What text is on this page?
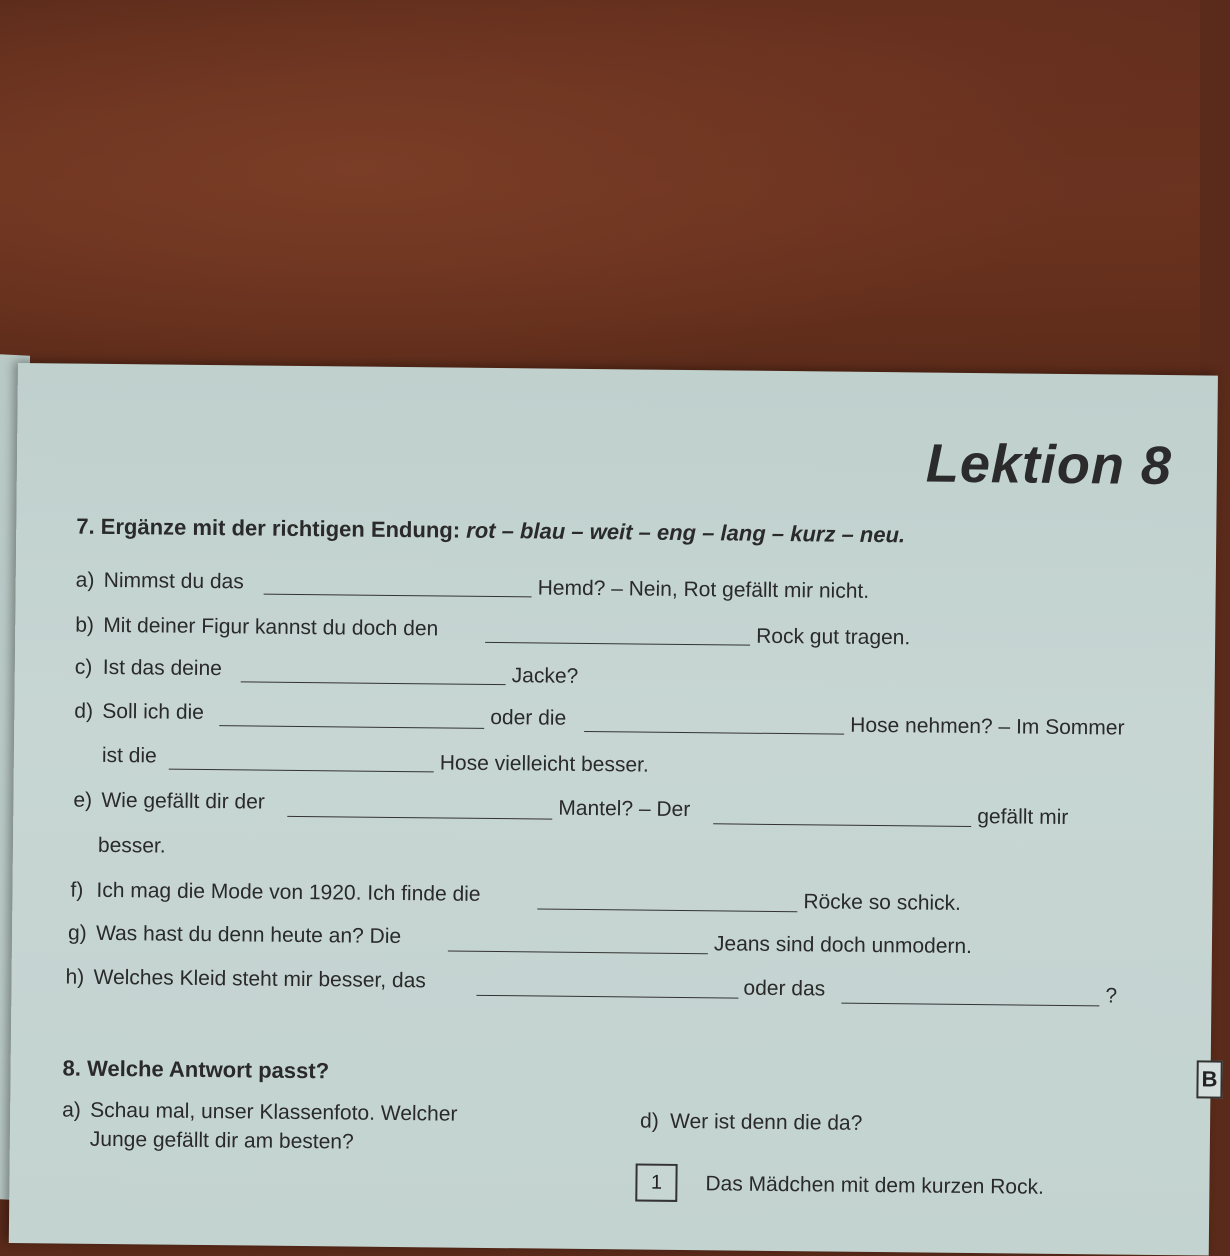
Lektion 8
7. Ergänze mit der richtigen Endung: rot – blau – weit – eng – lang – kurz – neu.
a) Nimmst du das	Hemd? – Nein, Rot gefällt mir nicht.
b) Mit deiner Figur kannst du doch den	Rock gut tragen.
c) Ist das deine	Jacke?
d) Soll ich die	oder die	Hose nehmen? – Im Sommer
ist die	Hose vielleicht besser.
e) Wie gefällt dir der	Mantel? – Der	gefällt mir
besser.
f) Ich mag die Mode von 1920. Ich finde die	Röcke so schick.
g) Was hast du denn heute an? Die	Jeans sind doch unmodern.
h) Welches Kleid steht mir besser, das	oder das	?
8. Welche Antwort passt?
a) Schau mal, unser Klassenfoto. Welcher
Junge gefällt dir am besten?
d) Wer ist denn die da?
1	Das Mädchen mit dem kurzen Rock.
B
